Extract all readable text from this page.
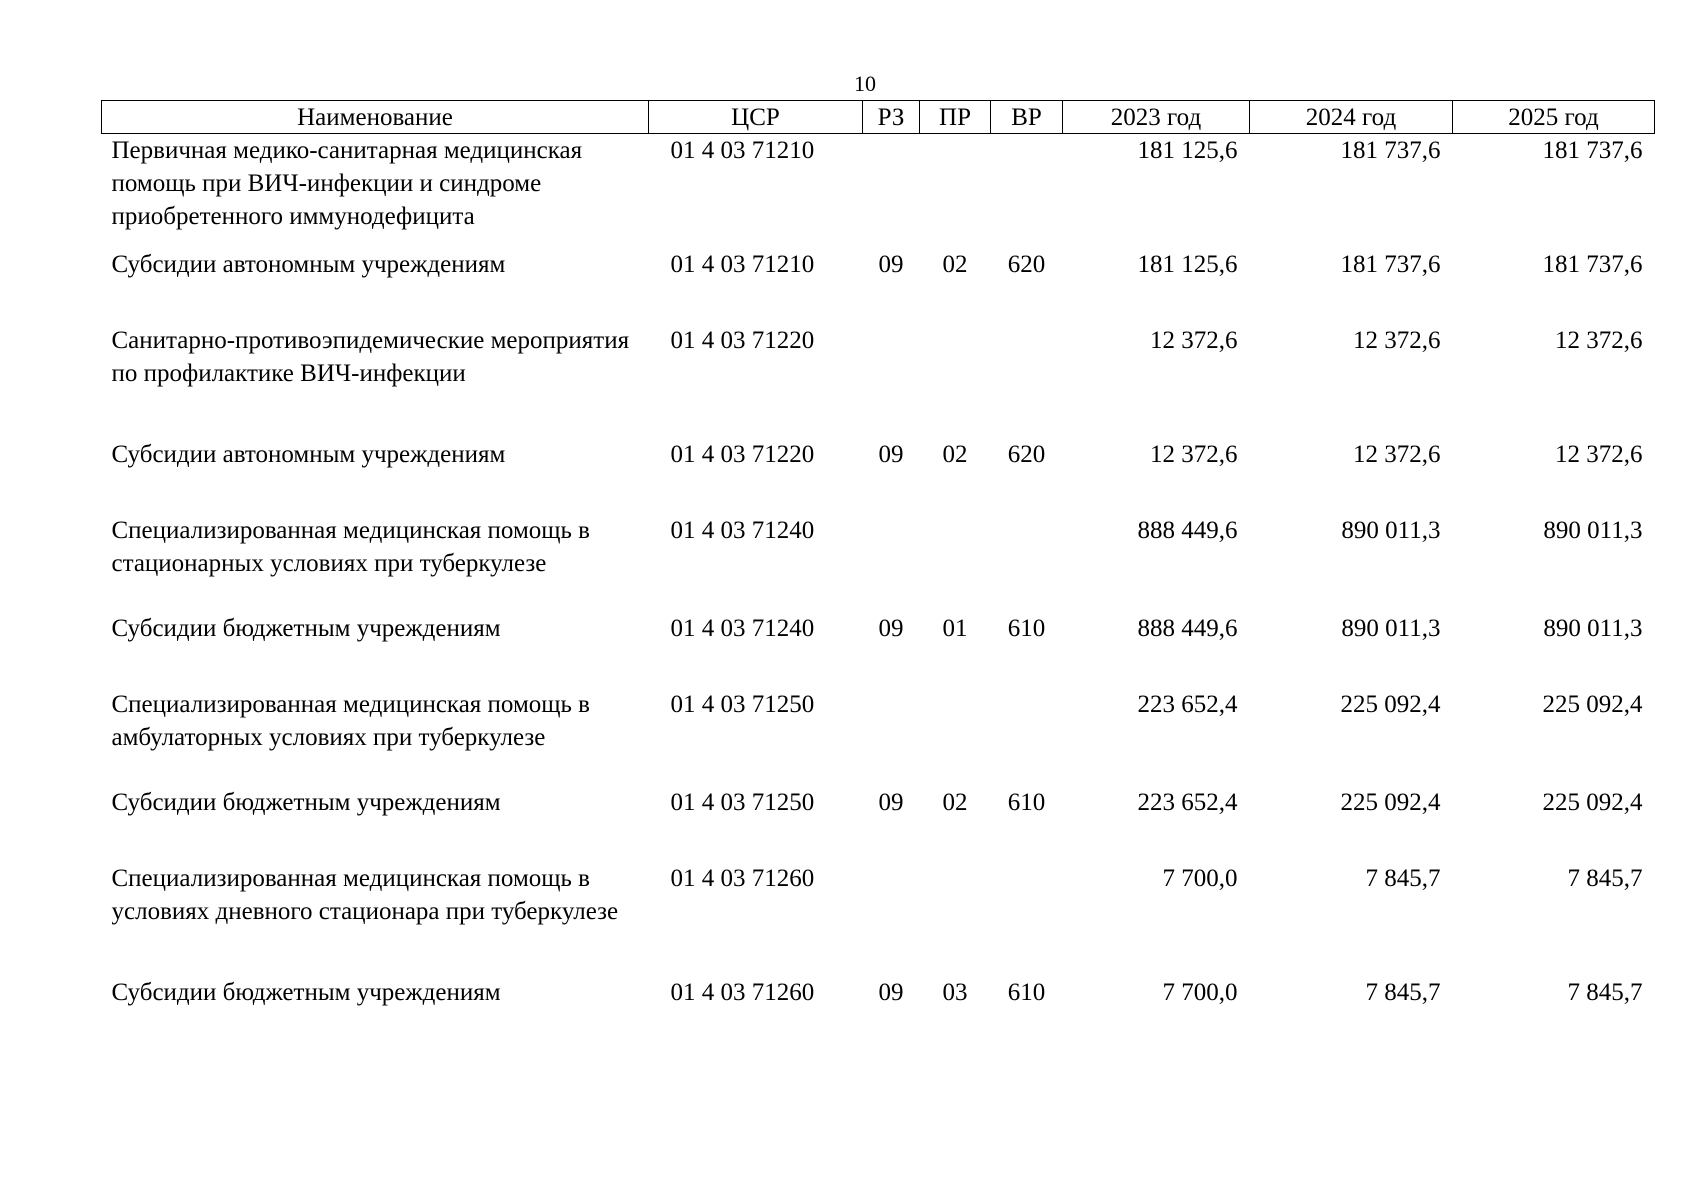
10
Наименование	ЦСР	РЗ	ПР	ВР	2023 год	2024 год	2025 год
Первичная медико-санитарная медицинская помощь при ВИЧ-инфекции и синдроме приобретенного иммунодефицита	01 4 03 71210				181 125,6	181 737,6	181 737,6
Субсидии автономным учреждениям	01 4 03 71210	09	02	620	181 125,6	181 737,6	181 737,6
Санитарно-противоэпидемические мероприятия по профилактике ВИЧ-инфекции	01 4 03 71220				12 372,6	12 372,6	12 372,6
Субсидии автономным учреждениям	01 4 03 71220	09	02	620	12 372,6	12 372,6	12 372,6
Специализированная медицинская помощь в стационарных условиях при туберкулезе	01 4 03 71240				888 449,6	890 011,3	890 011,3
Субсидии бюджетным учреждениям	01 4 03 71240	09	01	610	888 449,6	890 011,3	890 011,3
Специализированная медицинская помощь в амбулаторных условиях при туберкулезе	01 4 03 71250				223 652,4	225 092,4	225 092,4
Субсидии бюджетным учреждениям	01 4 03 71250	09	02	610	223 652,4	225 092,4	225 092,4
Специализированная медицинская помощь в условиях дневного стационара при туберкулезе	01 4 03 71260				7 700,0	7 845,7	7 845,7
Субсидии бюджетным учреждениям	01 4 03 71260	09	03	610	7 700,0	7 845,7	7 845,7
